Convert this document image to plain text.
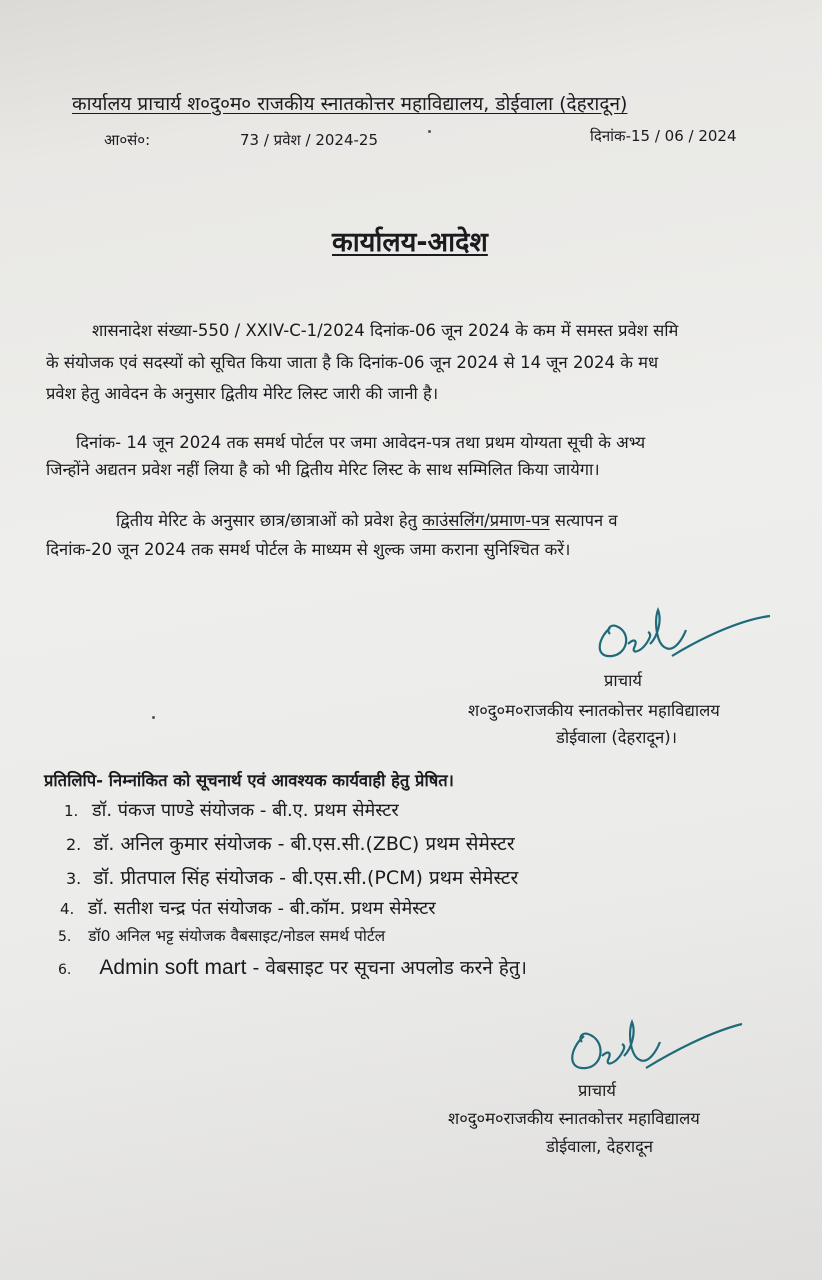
कार्यालय प्राचार्य श०दु०म० राजकीय स्नातकोत्तर महाविद्यालय, डोईवाला (देहरादून)
आ०सं०:	73 / प्रवेश / 2024-25	दिनांक-15 / 06 / 2024
कार्यालय-आदेश
शासनादेश संख्या-550 / XXIV-C-1/2024 दिनांक-06 जून 2024 के कम में समस्त प्रवेश समि
के संयोजक एवं सदस्यों को सूचित किया जाता है कि दिनांक-06 जून 2024 से 14 जून 2024 के मध
प्रवेश हेतु आवेदन के अनुसार द्वितीय मेरिट लिस्ट जारी की जानी है।
दिनांक- 14 जून 2024 तक समर्थ पोर्टल पर जमा आवेदन-पत्र तथा प्रथम योग्यता सूची के अभ्य
जिन्होंने अद्यतन प्रवेश नहीं लिया है को भी द्वितीय मेरिट लिस्ट के साथ सम्मिलित किया जायेगा।
द्वितीय मेरिट के अनुसार छात्र/छात्राओं को प्रवेश हेतु काउंसलिंग/प्रमाण-पत्र सत्यापन व
दिनांक-20 जून 2024 तक समर्थ पोर्टल के माध्यम से शुल्क जमा कराना सुनिश्चित करें।
प्राचार्य
श०दु०म०राजकीय स्नातकोत्तर महाविद्यालय
डोईवाला (देहरादून)।
प्रतिलिपि- निम्नांकित को सूचनार्थ एवं आवश्यक कार्यवाही हेतु प्रेषित।
1. डॉ. पंकज पाण्डे संयोजक - बी.ए. प्रथम सेमेस्टर
2. डॉ. अनिल कुमार संयोजक - बी.एस.सी.(ZBC) प्रथम सेमेस्टर
3. डॉ. प्रीतपाल सिंह संयोजक - बी.एस.सी.(PCM) प्रथम सेमेस्टर
4. डॉ. सतीश चन्द्र पंत संयोजक - बी.कॉम. प्रथम सेमेस्टर
5. डॉ0 अनिल भट्ट संयोजक वैबसाइट/नोडल समर्थ पोर्टल
6. Admin soft mart - वेबसाइट पर सूचना अपलोड करने हेतु।
प्राचार्य
श०दु०म०राजकीय स्नातकोत्तर महाविद्यालय
डोईवाला, देहरादून
